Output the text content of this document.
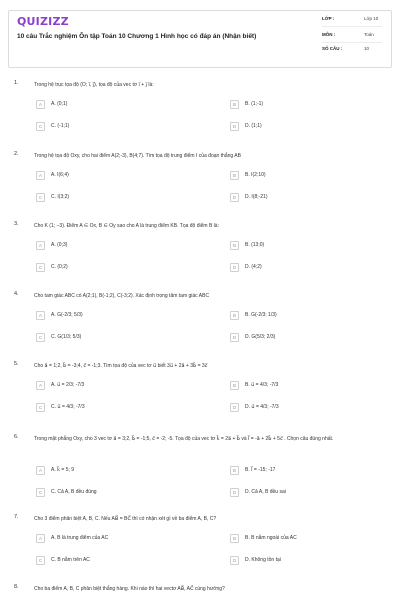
QUIZIZZ
10 câu Trắc nghiệm Ôn tập Toán 10 Chương 1 Hình học có đáp án (Nhận biết)
LỚP :	Lớp 10
MÔN :	Toán
SỐ CÂU :	10
1.	Trong hệ trục tọa độ (O; i⃗, j⃗), tọa độ của vec tơ i⃗ + j⃗ là:
A	A. (0;1)	B	B. (1;-1)
C	C. (-1;1)	D	D. (1;1)
2.	Trong hệ tọa độ Oxy, cho hai điểm A(2;-3), B(4;7). Tìm tọa độ trung điểm I của đoạn thẳng AB
A	A. I(6;4)	B	B. I(2;10)
C	C. I(3;2)	D	D. I(8;-21)
3.	Cho K (1; −3). Điểm A ∈ Ox, B ∈ Oy sao cho A là trung điểm KB. Tọa độ điểm B là:
A	A. (0;3)	B	B. (13;0)
C	C. (0;2)	D	D. (4;2)
4.	Cho tam giác ABC có A(2;1), B(-1;2), C(-3;2). Xác định trọng tâm tam giác ABC
A	A. G(-2/3; 5/3)	B	B. G(-2/3; 1/3)
C	C. G(1/3; 5/3)	D	D. G(5/3; 2/3)
5.	Cho a⃗ = 1;2, b⃗ = -3;4, c⃗ = -1;3. Tìm tọa độ của vec tơ u⃗ biết 3u⃗ + 2a⃗ + 3b⃗ = 3c⃗
A	A. u⃗ = 2/3; -7/3	B	B. u⃗ = 4/3; -7/3
C	C. u⃗ = 4/3; -7/3	D	D. u⃗ = 4/3; -7/3
6.	Trong mặt phẳng Oxy, cho 3 vec tơ a⃗ = 3;2, b⃗ = -1;5, c⃗ = -2; -5. Tọa độ của vec tơ k⃗ = 2a⃗ + b⃗ và l⃗ = -a⃗ + 2b⃗ + 5c⃗ . Chọn câu đúng nhất.
A	A. k⃗ = 5; 9	B	B. l⃗ = -15; -17
C	C. Cả A, B đều đúng	D	D. Cả A, B đều sai
7.	Cho 3 điểm phân biệt A, B, C. Nếu AB⃗ = BC⃗ thì có nhận xét gì về ba điểm A, B, C?
A	A. B là trung điểm của AC	B	B. B nằm ngoài của AC
C	C. B nằm trên AC	D	D. Không tồn tại
8.	Cho ba điểm A, B, C phân biệt thẳng hàng. Khi nào thì hai vectơ AB⃗, AC⃗ cùng hướng?
